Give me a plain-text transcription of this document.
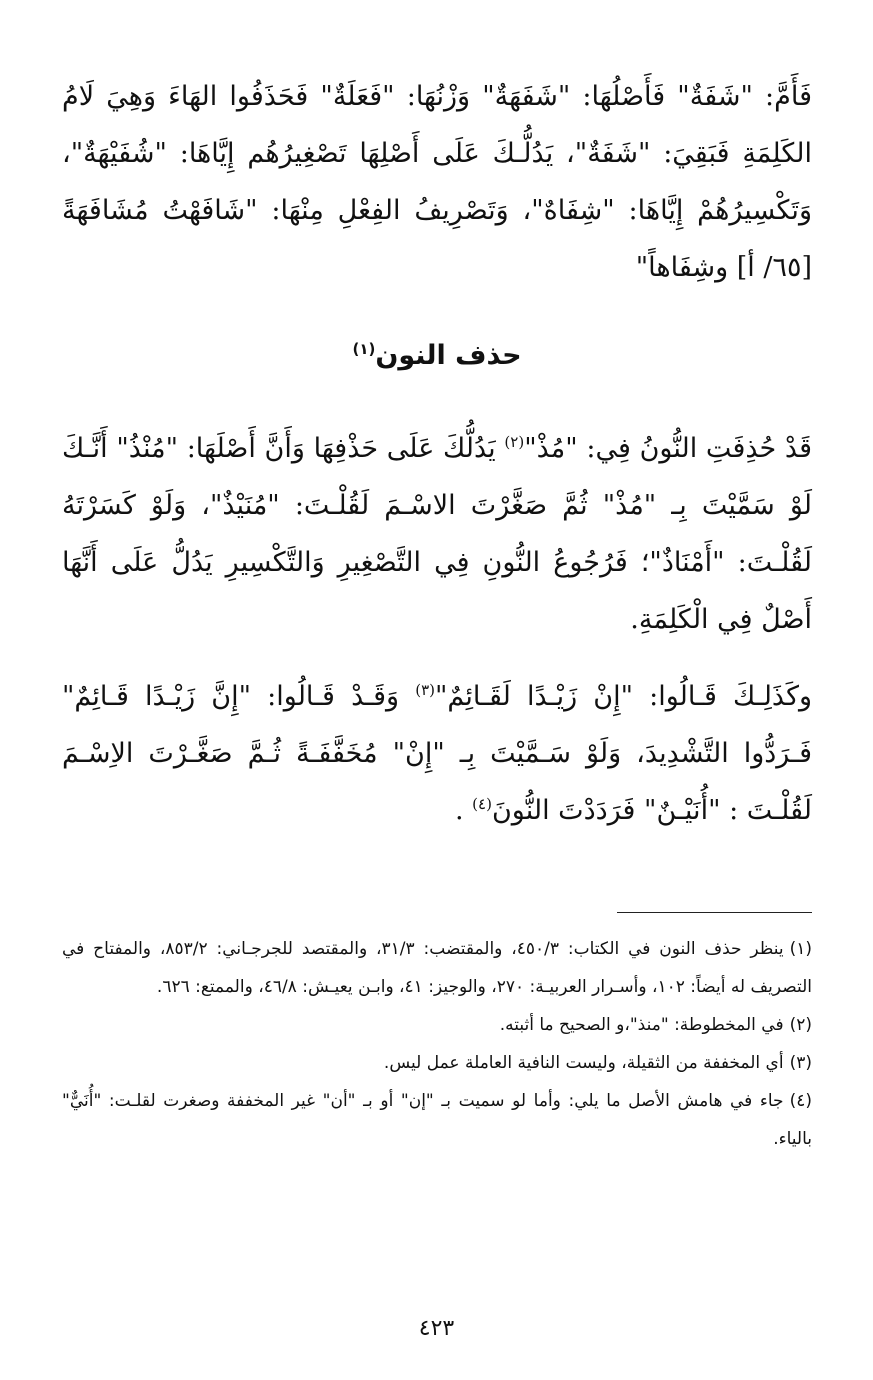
فَأَمَّ: "شَفَةٌ" فَأَصْلُهَا: "شَفَهَةٌ" وَزْنُهَا: "فَعَلَةٌ" فَحَذَفُوا الهَاءَ وَهِيَ لَامُ الكَلِمَةِ فَبَقِيَ: "شَفَةٌ"، يَدُلُّـكَ عَلَى أَصْلِهَا تَصْغِيرُهُم إِيَّاهَا: "شُفَيْهَةٌ"، وَتَكْسِيرُهُمْ إِيَّاهَا: "شِفَاهٌ"، وَتَصْرِيفُ الفِعْلِ مِنْهَا: "شَافَهْتُ مُشَافَهَةً [٦٥/ أ] وشِفَاهاً"

حذف النون$^{(١)}$

قَدْ حُذِفَتِ النُّونُ فِي: "مُذْ"$^{(٢)}$ يَدُلُّكَ عَلَى حَذْفِهَا وَأَنَّ أَصْلَهَا: "مُنْذُ" أَنَّـكَ لَوْ سَمَّيْتَ بِـ "مُذْ" ثُمَّ صَغَّرْتَ الاسْـمَ لَقُلْـتَ: "مُنَيْذٌ"، وَلَوْ كَسَرْتَهُ لَقُلْـتَ: "أَمْنَاذٌ"؛ فَرُجُوعُ النُّونِ فِي التَّصْغِيرِ وَالتَّكْسِيرِ يَدُلُّ عَلَى أَنَّهَا أَصْلٌ فِي الْكَلِمَةِ.

وكَذَلِـكَ قَـالُوا: "إِنْ زَيْـدًا لَقَـائِمٌ"$^{(٣)}$ وَقَـدْ قَـالُوا: "إِنَّ زَيْـدًا قَـائِمٌ" فَـرَدُّوا التَّشْدِيدَ، وَلَوْ سَـمَّيْتَ بِـ "إِنْ" مُخَفَّفَـةً ثُـمَّ صَغَّـرْتَ الاِسْـمَ لَقُلْـتَ : "أُنَيْـنٌ" فَرَدَدْتَ النُّونَ$^{(٤)}$ .

(١)ينظر حذف النون في الكتاب: ٤٥٠/٣، والمقتضب: ٣١/٣، والمقتصد للجرجـاني: ٨٥٣/٢، والمفتاح في التصريف له أيضاً: ١٠٢، وأسـرار العربيـة: ٢٧٠، والوجيز: ٤١، وابـن يعيـش: ٤٦/٨، والممتع: ٦٢٦.

(٢)في المخطوطة: "منذ"،و الصحيح ما أثبته.

(٣)أي المخففة من الثقيلة، وليست النافية العاملة عمل ليس.

(٤)جاء في هامش الأصل ما يلي: وأما لو سميت بـ "إن" أو بـ "أن" غير المخففة وصغرت لقلـت: "أُنَيٌّ" بالياء.

٤٢٣
